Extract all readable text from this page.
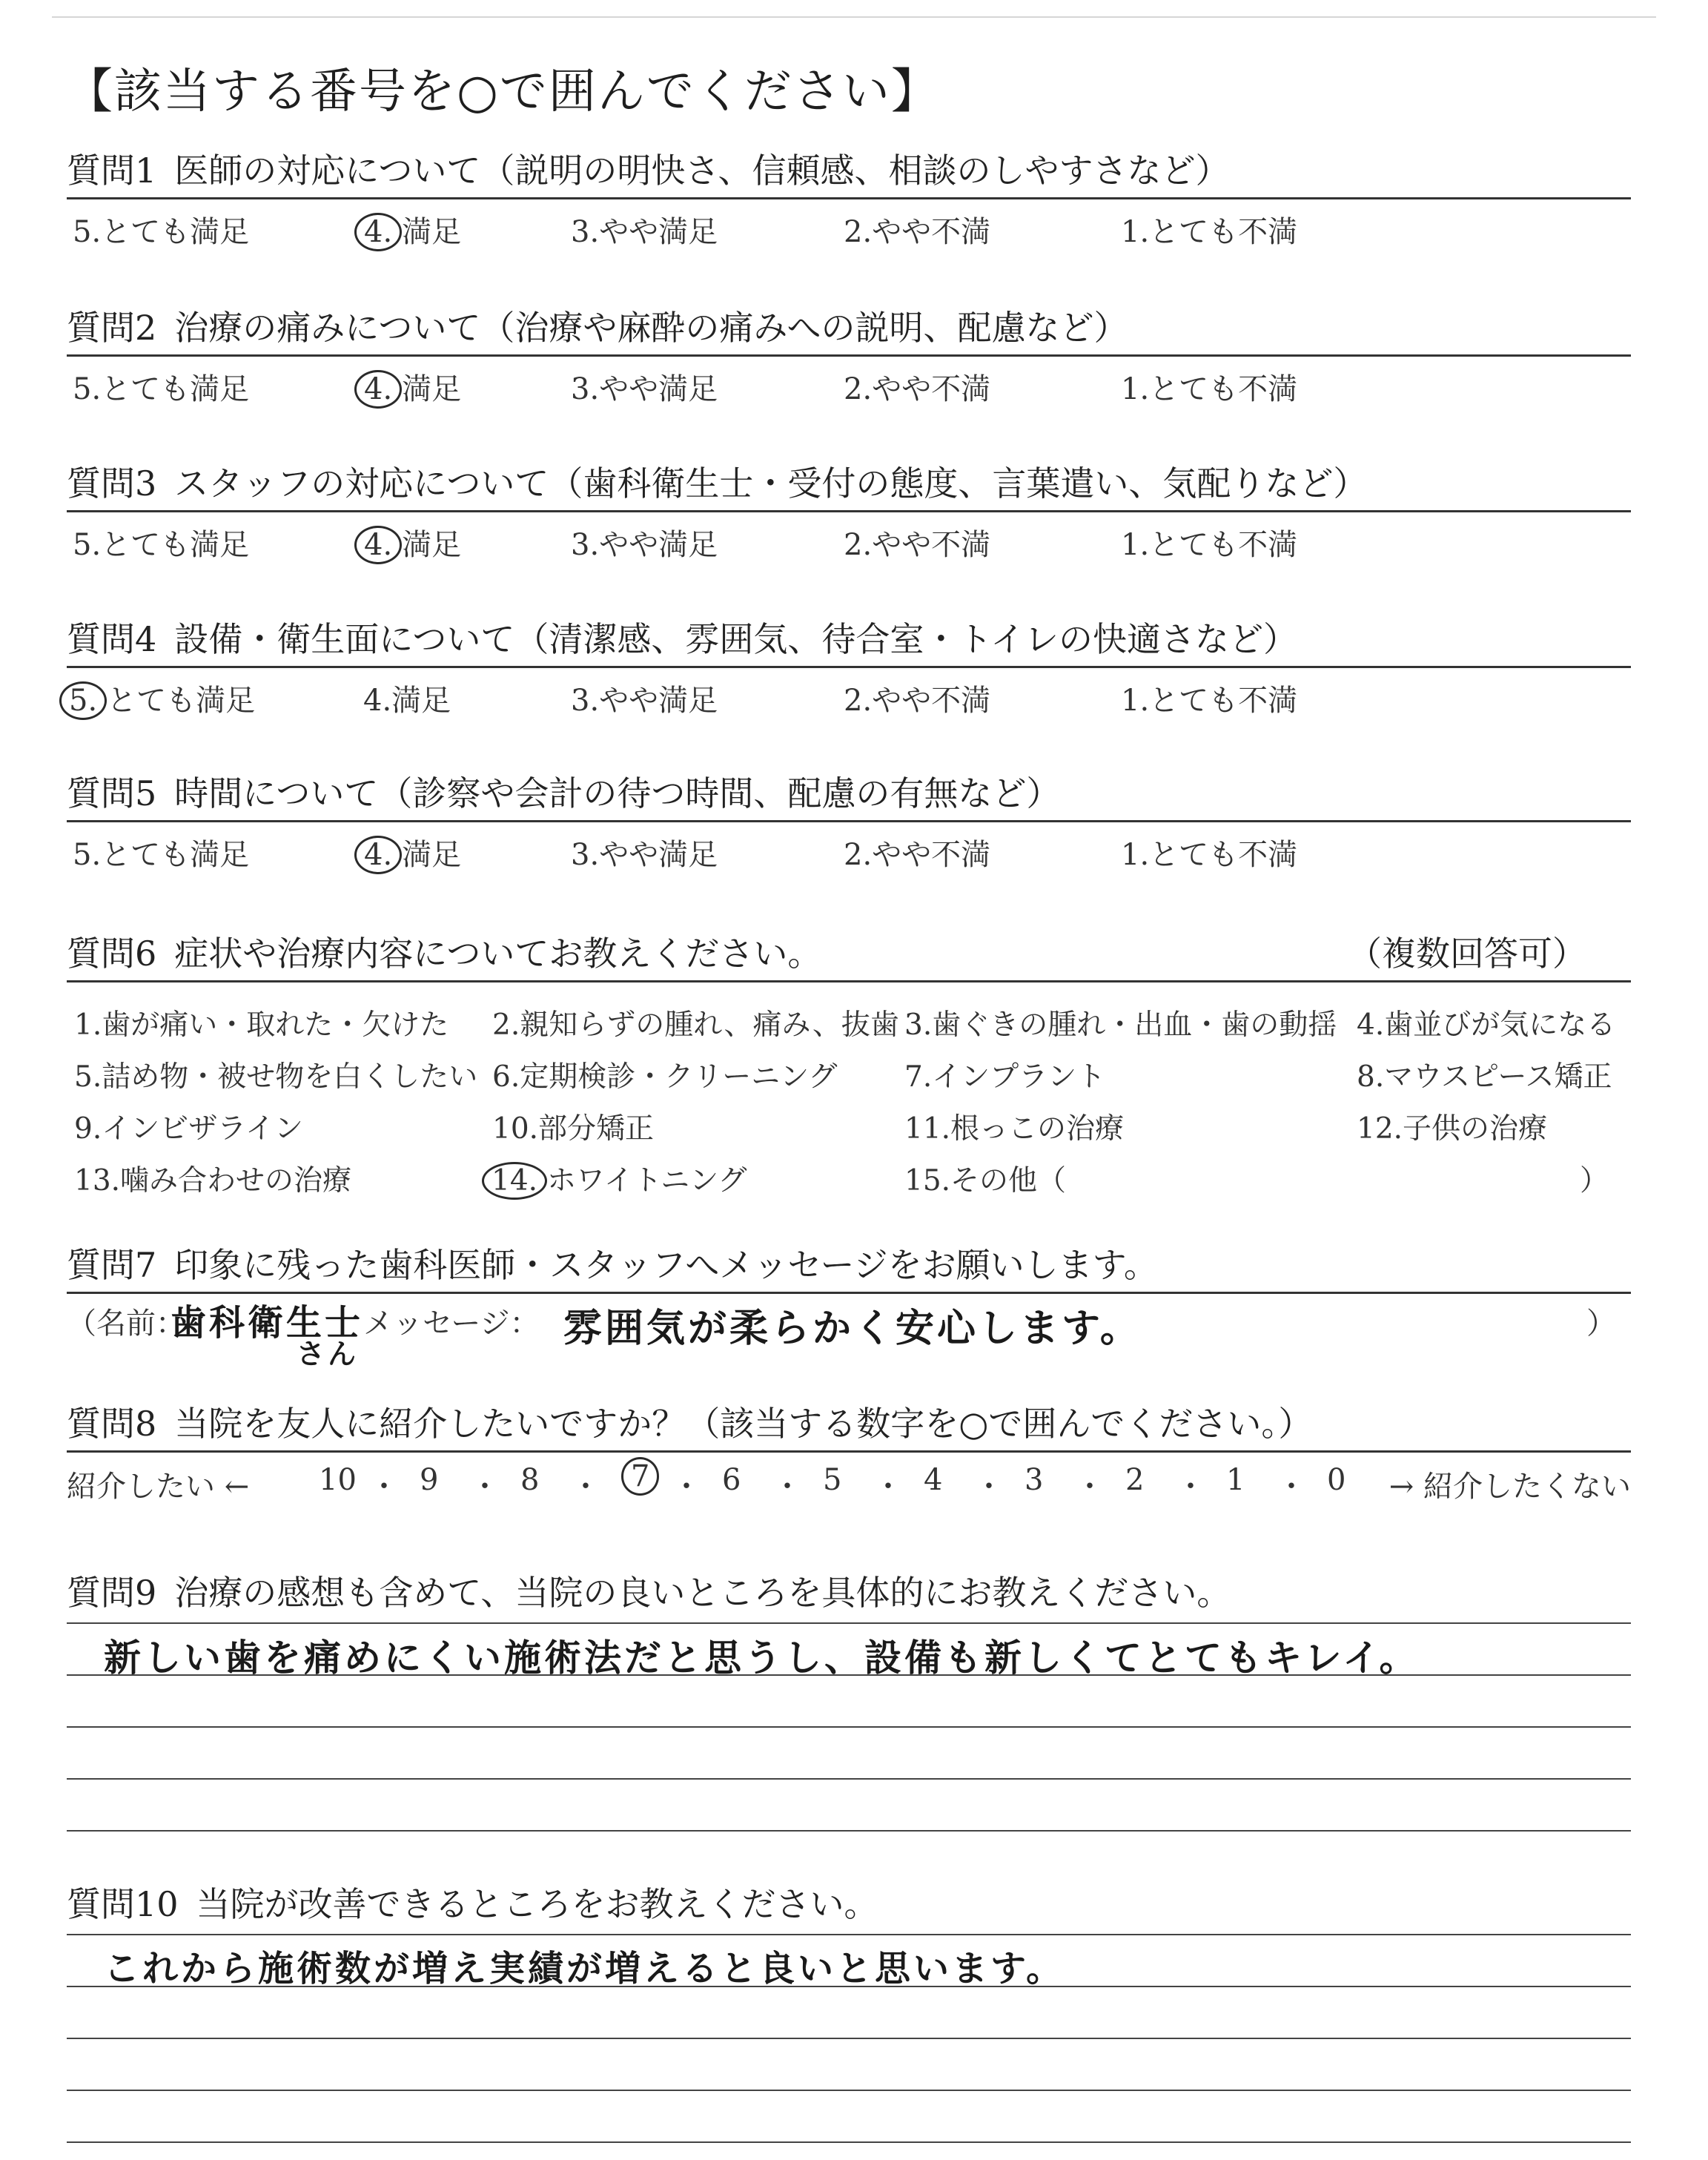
【該当する番号を○で囲んでください】
質問1 医師の対応について（説明の明快さ、信頼感、相談のしやすさなど）
5.とても満足	4. 満足	3.やや満足	2.やや不満	1.とても不満
質問2 治療の痛みについて（治療や麻酔の痛みへの説明、配慮など）
5.とても満足	4. 満足	3.やや満足	2.やや不満	1.とても不満
質問3 スタッフの対応について（歯科衛生士・受付の態度、言葉遣い、気配りなど）
5.とても満足	4. 満足	3.やや満足	2.やや不満	1.とても不満
質問4 設備・衛生面について（清潔感、雰囲気、待合室・トイレの快適さなど）
5. とても満足	4.満足	3.やや満足	2.やや不満	1.とても不満
質問5 時間について（診察や会計の待つ時間、配慮の有無など）
5.とても満足	4. 満足	3.やや満足	2.やや不満	1.とても不満
質問6 症状や治療内容についてお教えください。	（複数回答可）
1.歯が痛い・取れた・欠けた 2.親知らずの腫れ、痛み、抜歯 3.歯ぐきの腫れ・出血・歯の動揺 4.歯並びが気になる
5.詰め物・被せ物を白くしたい 6.定期検診・クリーニング 7.インプラント	8.マウスピース矯正
9.インビザライン	10.部分矯正	11.根っこの治療	12.子供の治療
13.噛み合わせの治療	14. ホワイトニング	15.その他（	）
質問7 印象に残った歯科医師・スタッフへメッセージをお願いします。
（名前：
歯科衛生士
さん
メッセージ： 雰囲気が柔らかく安心します。	）
質問8 当院を友人に紹介したいですか？（該当する数字を○で囲んでください。）
紹介したい ←	→ 紹介したくない
10 ・ 9 ・ 8 ・	7 ・ 6 ・ 5 ・ 4 ・ 3 ・ 2 ・ 1 ・ 0
質問9 治療の感想も含めて、当院の良いところを具体的にお教えください。
新しい歯を痛めにくい施術法だと思うし、設備も新しくてとてもキレイ。
質問10 当院が改善できるところをお教えください。
これから施術数が増え実績が増えると良いと思います。
